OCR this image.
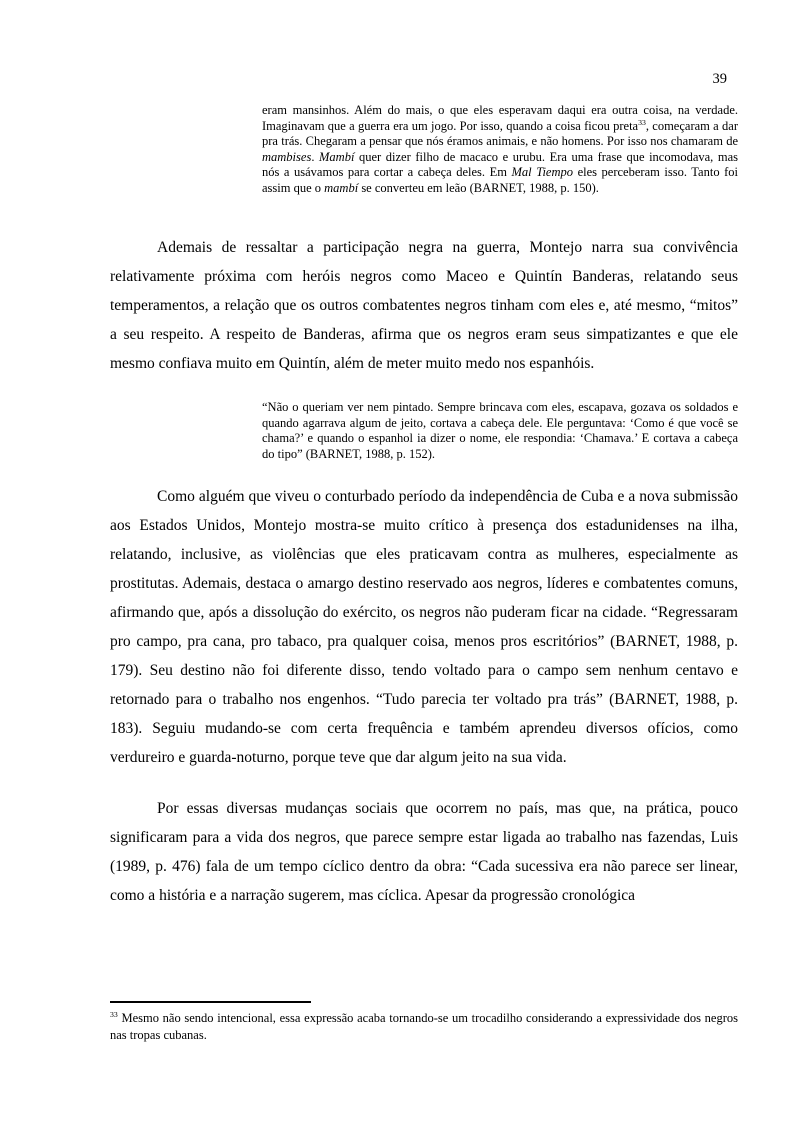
39
eram mansinhos. Além do mais, o que eles esperavam daqui era outra coisa, na verdade. Imaginavam que a guerra era um jogo. Por isso, quando a coisa ficou preta$^{33}$, começaram a dar pra trás. Chegaram a pensar que nós éramos animais, e não homens. Por isso nos chamaram de mambises. Mambí quer dizer filho de macaco e urubu. Era uma frase que incomodava, mas nós a usávamos para cortar a cabeça deles. Em Mal Tiempo eles perceberam isso. Tanto foi assim que o mambí se converteu em leão (BARNET, 1988, p. 150).

Ademais de ressaltar a participação negra na guerra, Montejo narra sua convivência relativamente próxima com heróis negros como Maceo e Quintín Banderas, relatando seus temperamentos, a relação que os outros combatentes negros tinham com eles e, até mesmo, “mitos” a seu respeito. A respeito de Banderas, afirma que os negros eram seus simpatizantes e que ele mesmo confiava muito em Quintín, além de meter muito medo nos espanhóis.

“Não o queriam ver nem pintado. Sempre brincava com eles, escapava, gozava os soldados e quando agarrava algum de jeito, cortava a cabeça dele. Ele perguntava: ‘Como é que você se chama?’ e quando o espanhol ia dizer o nome, ele respondia: ‘Chamava.’ E cortava a cabeça do tipo” (BARNET, 1988, p. 152).

Como alguém que viveu o conturbado período da independência de Cuba e a nova submissão aos Estados Unidos, Montejo mostra-se muito crítico à presença dos estadunidenses na ilha, relatando, inclusive, as violências que eles praticavam contra as mulheres, especialmente as prostitutas. Ademais, destaca o amargo destino reservado aos negros, líderes e combatentes comuns, afirmando que, após a dissolução do exército, os negros não puderam ficar na cidade. “Regressaram pro campo, pra cana, pro tabaco, pra qualquer coisa, menos pros escritórios” (BARNET, 1988, p. 179). Seu destino não foi diferente disso, tendo voltado para o campo sem nenhum centavo e retornado para o trabalho nos engenhos. “Tudo parecia ter voltado pra trás” (BARNET, 1988, p. 183). Seguiu mudando-se com certa frequência e também aprendeu diversos ofícios, como verdureiro e guarda-noturno, porque teve que dar algum jeito na sua vida.

Por essas diversas mudanças sociais que ocorrem no país, mas que, na prática, pouco significaram para a vida dos negros, que parece sempre estar ligada ao trabalho nas fazendas, Luis (1989, p. 476) fala de um tempo cíclico dentro da obra: “Cada sucessiva era não parece ser linear, como a história e a narração sugerem, mas cíclica. Apesar da progressão cronológica

$^{33}$ Mesmo não sendo intencional, essa expressão acaba tornando-se um trocadilho considerando a expressividade dos negros nas tropas cubanas.
